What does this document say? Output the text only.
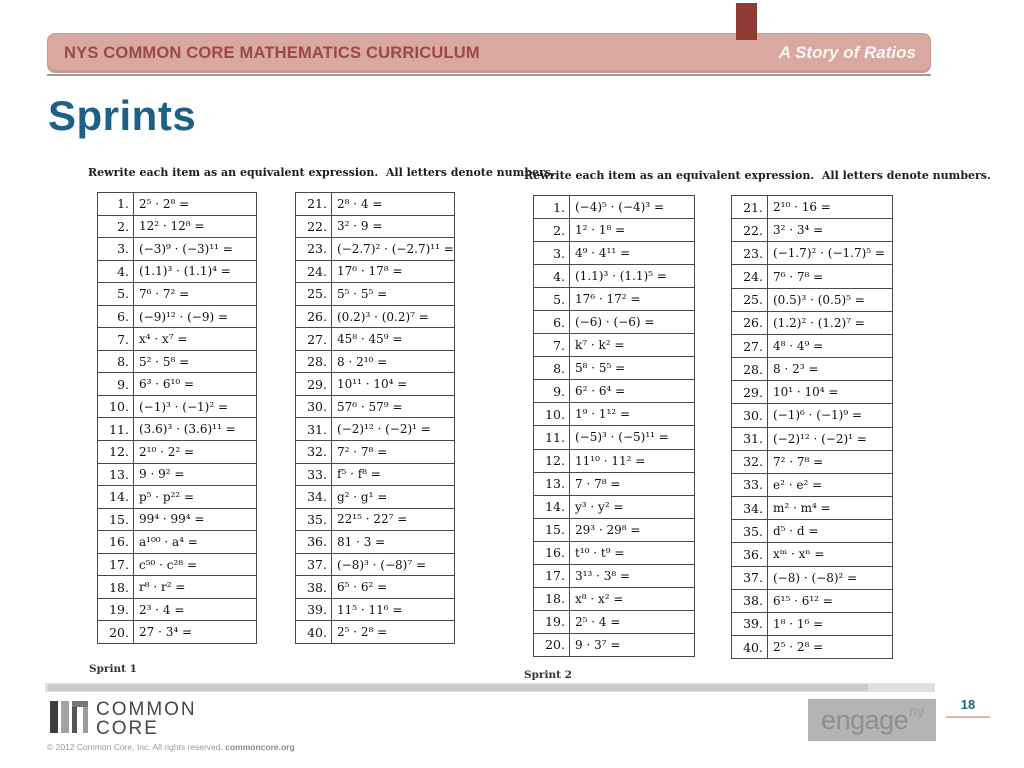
NYS COMMON CORE MATHEMATICS CURRICULUM	A Story of Ratios
Sprints
Rewrite each item as an equivalent expression.  All letters denote numbers.
1. 2⁵ · 2⁸ =
2. 12² · 12⁸ =
3. (−3)⁹ · (−3)¹¹ =
4. (1.1)³ · (1.1)⁴ =
5. 7⁶ · 7² =
6. (−9)¹² · (−9) =
7. x⁴ · x⁷ =
8. 5² · 5⁸ =
9. 6³ · 6¹⁰ =
10. (−1)³ · (−1)² =
11. (3.6)³ · (3.6)¹¹ =
12. 2¹⁰ · 2² =
13. 9 · 9² =
14. p⁵ · p²² =
15. 99⁴ · 99⁴ =
16. a¹⁰⁰ · a⁴ =
17. c⁵⁰ · c²⁸ =
18. r⁸ · r² =
19. 2³ · 4 =
20. 27 · 3⁴ =
21. 2⁸ · 4 =
22. 3² · 9 =
23. (−2.7)² · (−2.7)¹¹ =
24. 17⁶ · 17⁸ =
25. 5⁵ · 5⁵ =
26. (0.2)³ · (0.2)⁷ =
27. 45⁸ · 45⁹ =
28. 8 · 2¹⁰ =
29. 10¹¹ · 10⁴ =
30. 57⁶ · 57⁹ =
31. (−2)¹² · (−2)¹ =
32. 7² · 7⁸ =
33. f⁵ · f⁸ =
34. g² · g¹ =
35. 22¹⁵ · 22⁷ =
36. 81 · 3 =
37. (−8)³ · (−8)⁷ =
38. 6⁵ · 6² =
39. 11⁵ · 11⁶ =
40. 2⁵ · 2⁸ =
Sprint 1
Rewrite each item as an equivalent expression.  All letters denote numbers.
1. (−4)⁵ · (−4)³ =
2. 1² · 1⁸ =
3. 4⁹ · 4¹¹ =
4. (1.1)³ · (1.1)⁵ =
5. 17⁶ · 17² =
6. (−6) · (−6) =
7. k⁷ · k² =
8. 5⁸ · 5⁵ =
9. 6² · 6⁴ =
10. 1⁹ · 1¹² =
11. (−5)³ · (−5)¹¹ =
12. 11¹⁰ · 11² =
13. 7 · 7⁸ =
14. y³ · y² =
15. 29³ · 29⁸ =
16. t¹⁰ · t⁹ =
17. 3¹³ · 3⁸ =
18. x⁸ · x² =
19. 2⁵ · 4 =
20. 9 · 3⁷ =
21. 2¹⁰ · 16 =
22. 3² · 3⁴ =
23. (−1.7)² · (−1.7)⁵ =
24. 7⁶ · 7⁸ =
25. (0.5)³ · (0.5)⁵ =
26. (1.2)² · (1.2)⁷ =
27. 4⁸ · 4⁹ =
28. 8 · 2³ =
29. 10¹ · 10⁴ =
30. (−1)⁶ · (−1)⁹ =
31. (−2)¹² · (−2)¹ =
32. 7² · 7⁸ =
33. e² · e² =
34. m² · m⁴ =
35. d⁵ · d =
36. xᵐ · xⁿ =
37. (−8) · (−8)² =
38. 6¹⁵ · 6¹² =
39. 1⁸ · 1⁶ =
40. 2⁵ · 2⁸ =
Sprint 2
COMMON
CORE
© 2012 Common Core, Inc. All rights reserved. commoncore.org
engage ny	18
